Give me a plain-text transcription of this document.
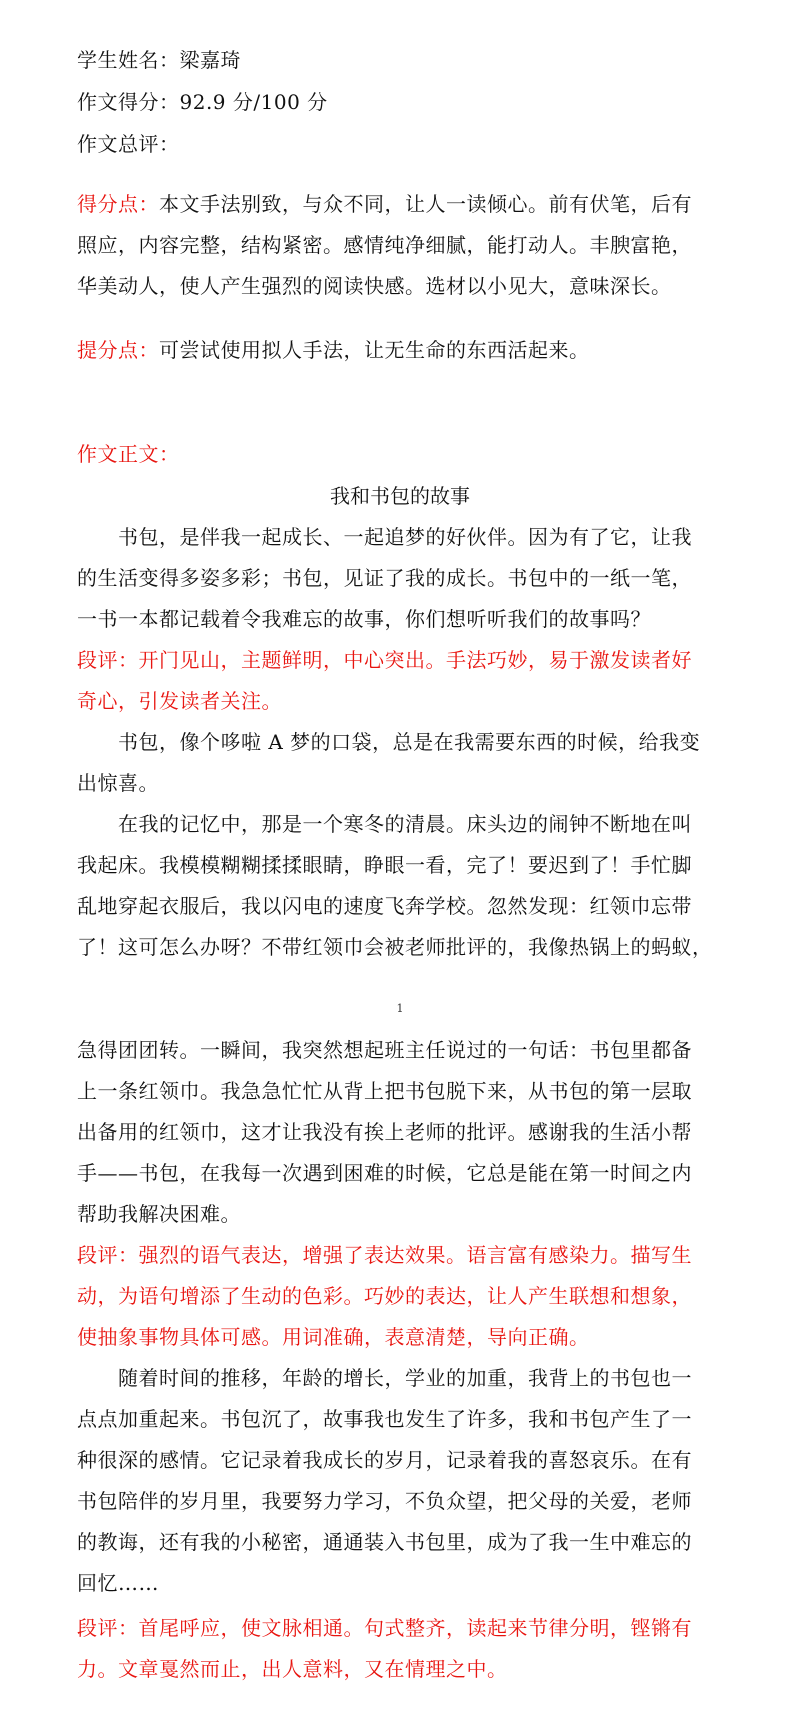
学生姓名：梁嘉琦
作文得分：92.9 分/100 分
作文总评：
得分点：本文手法别致，与众不同，让人一读倾心。前有伏笔，后有
照应，内容完整，结构紧密。感情纯净细腻，能打动人。丰腴富艳，
华美动人，使人产生强烈的阅读快感。选材以小见大，意味深长。
提分点：可尝试使用拟人手法，让无生命的东西活起来。
作文正文：
我和书包的故事
　　书包，是伴我一起成长、一起追梦的好伙伴。因为有了它，让我
的生活变得多姿多彩；书包，见证了我的成长。书包中的一纸一笔，
一书一本都记载着令我难忘的故事，你们想听听我们的故事吗？
段评：开门见山，主题鲜明，中心突出。手法巧妙，易于激发读者好
奇心，引发读者关注。
　　书包，像个哆啦 A 梦的口袋，总是在我需要东西的时候，给我变
出惊喜。
　　在我的记忆中，那是一个寒冬的清晨。床头边的闹钟不断地在叫
我起床。我模模糊糊揉揉眼睛，睁眼一看，完了！要迟到了！手忙脚
乱地穿起衣服后，我以闪电的速度飞奔学校。忽然发现：红领巾忘带
了！这可怎么办呀？不带红领巾会被老师批评的，我像热锅上的蚂蚁，
1
急得团团转。一瞬间，我突然想起班主任说过的一句话：书包里都备
上一条红领巾。我急急忙忙从背上把书包脱下来，从书包的第一层取
出备用的红领巾，这才让我没有挨上老师的批评。感谢我的生活小帮
手——书包，在我每一次遇到困难的时候，它总是能在第一时间之内
帮助我解决困难。
段评：强烈的语气表达，增强了表达效果。语言富有感染力。描写生
动，为语句增添了生动的色彩。巧妙的表达，让人产生联想和想象，
使抽象事物具体可感。用词准确，表意清楚，导向正确。
　　随着时间的推移，年龄的增长，学业的加重，我背上的书包也一
点点加重起来。书包沉了，故事我也发生了许多，我和书包产生了一
种很深的感情。它记录着我成长的岁月，记录着我的喜怒哀乐。在有
书包陪伴的岁月里，我要努力学习，不负众望，把父母的关爱，老师
的教诲，还有我的小秘密，通通装入书包里，成为了我一生中难忘的
回忆……
段评：首尾呼应，使文脉相通。句式整齐，读起来节律分明，铿锵有
力。文章戛然而止，出人意料，又在情理之中。
